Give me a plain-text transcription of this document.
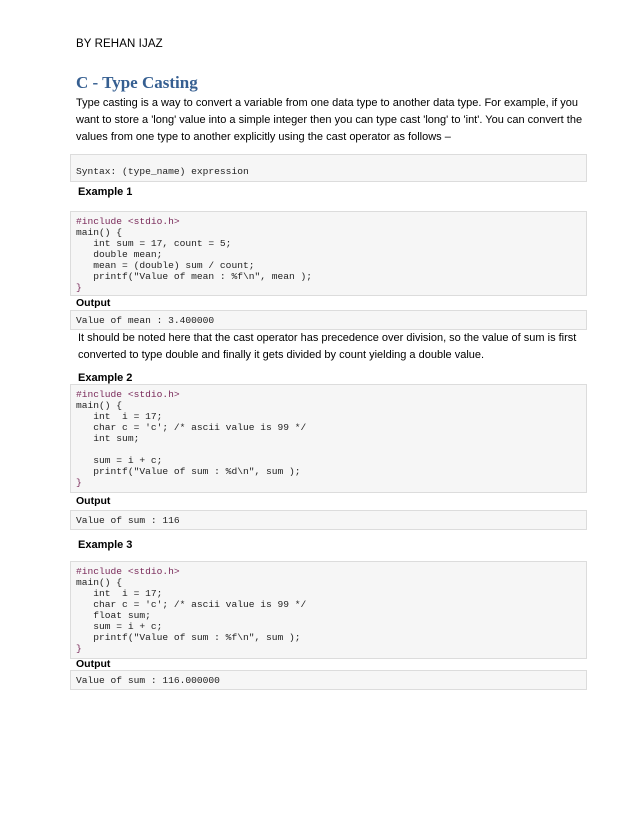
BY REHAN IJAZ
C - Type Casting

Type casting is a way to convert a variable from one data type to another data type. For example, if you want to store a 'long' value into a simple integer then you can type cast 'long' to 'int'. You can convert the values from one type to another explicitly using the cast operator as follows –

Syntax: (type_name) expression
Example 1
#include <stdio.h>
main() {
int sum = 17, count = 5;
double mean;
mean = (double) sum / count;
printf("Value of mean : %f\n", mean );
}
Output
Value of mean : 3.400000

It should be noted here that the cast operator has precedence over division, so the value of sum is first converted to type double and finally it gets divided by count yielding a double value.

Example 2
#include <stdio.h>
main() {
int  i = 17;
char c = 'c'; /* ascii value is 99 */
int sum;
sum = i + c;
printf("Value of sum : %d\n", sum );
}
Output
Value of sum : 116
Example 3
#include <stdio.h>
main() {
int  i = 17;
char c = 'c'; /* ascii value is 99 */
float sum;
sum = i + c;
printf("Value of sum : %f\n", sum );
}
Output
Value of sum : 116.000000
